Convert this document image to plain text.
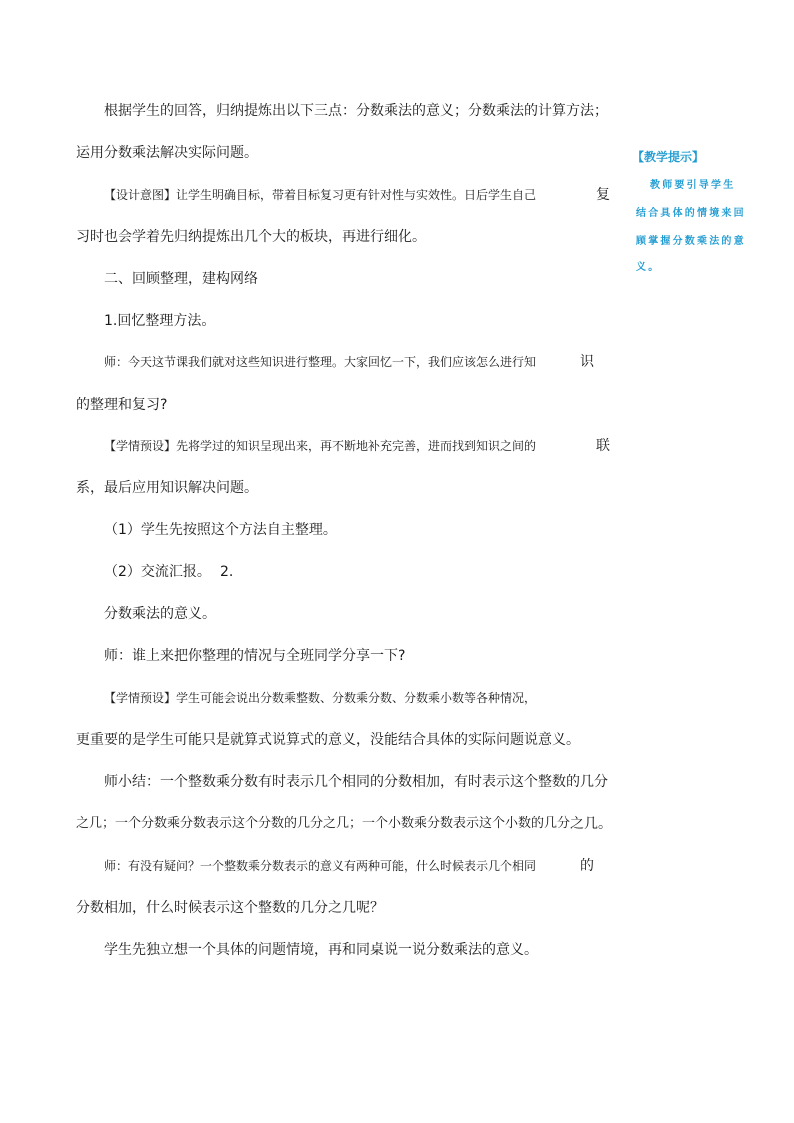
根据学生的回答，归纳提炼出以下三点：分数乘法的意义；分数乘法的计算方法；
运用分数乘法解决实际问题。
【设计意图】让学生明确目标，带着目标复习更有针对性与实效性。日后学生自己	复
习时也会学着先归纳提炼出几个大的板块，再进行细化。
二、回顾整理，建构网络
1.回忆整理方法。
师：今天这节课我们就对这些知识进行整理。大家回忆一下，我们应该怎么进行知	识
的整理和复习?
【学情预设】先将学过的知识呈现出来，再不断地补充完善，进而找到知识之间的	联
系，最后应用知识解决问题。
（1）学生先按照这个方法自主整理。
（2）交流汇报。 2.
分数乘法的意义。
师：谁上来把你整理的情况与全班同学分享一下?
【学情预设】学生可能会说出分数乘整数、分数乘分数、分数乘小数等各种情况，
更重要的是学生可能只是就算式说算式的意义，没能结合具体的实际问题说意义。
师小结：一个整数乘分数有时表示几个相同的分数相加，有时表示这个整数的几分
之几；一个分数乘分数表示这个分数的几分之几；一个小数乘分数表示这个小数的几分 之几。
师：有没有疑问？一个整数乘分数表示的意义有两种可能，什么时候表示几个相同	的
分数相加，什么时候表示这个整数的几分之几呢？
学生先独立想一个具体的问题情境，再和同桌说一说分数乘法的意义。
【教学提示】
教师要引导学生
结合具体的情境来回
顾掌握分数乘法的意
义。
